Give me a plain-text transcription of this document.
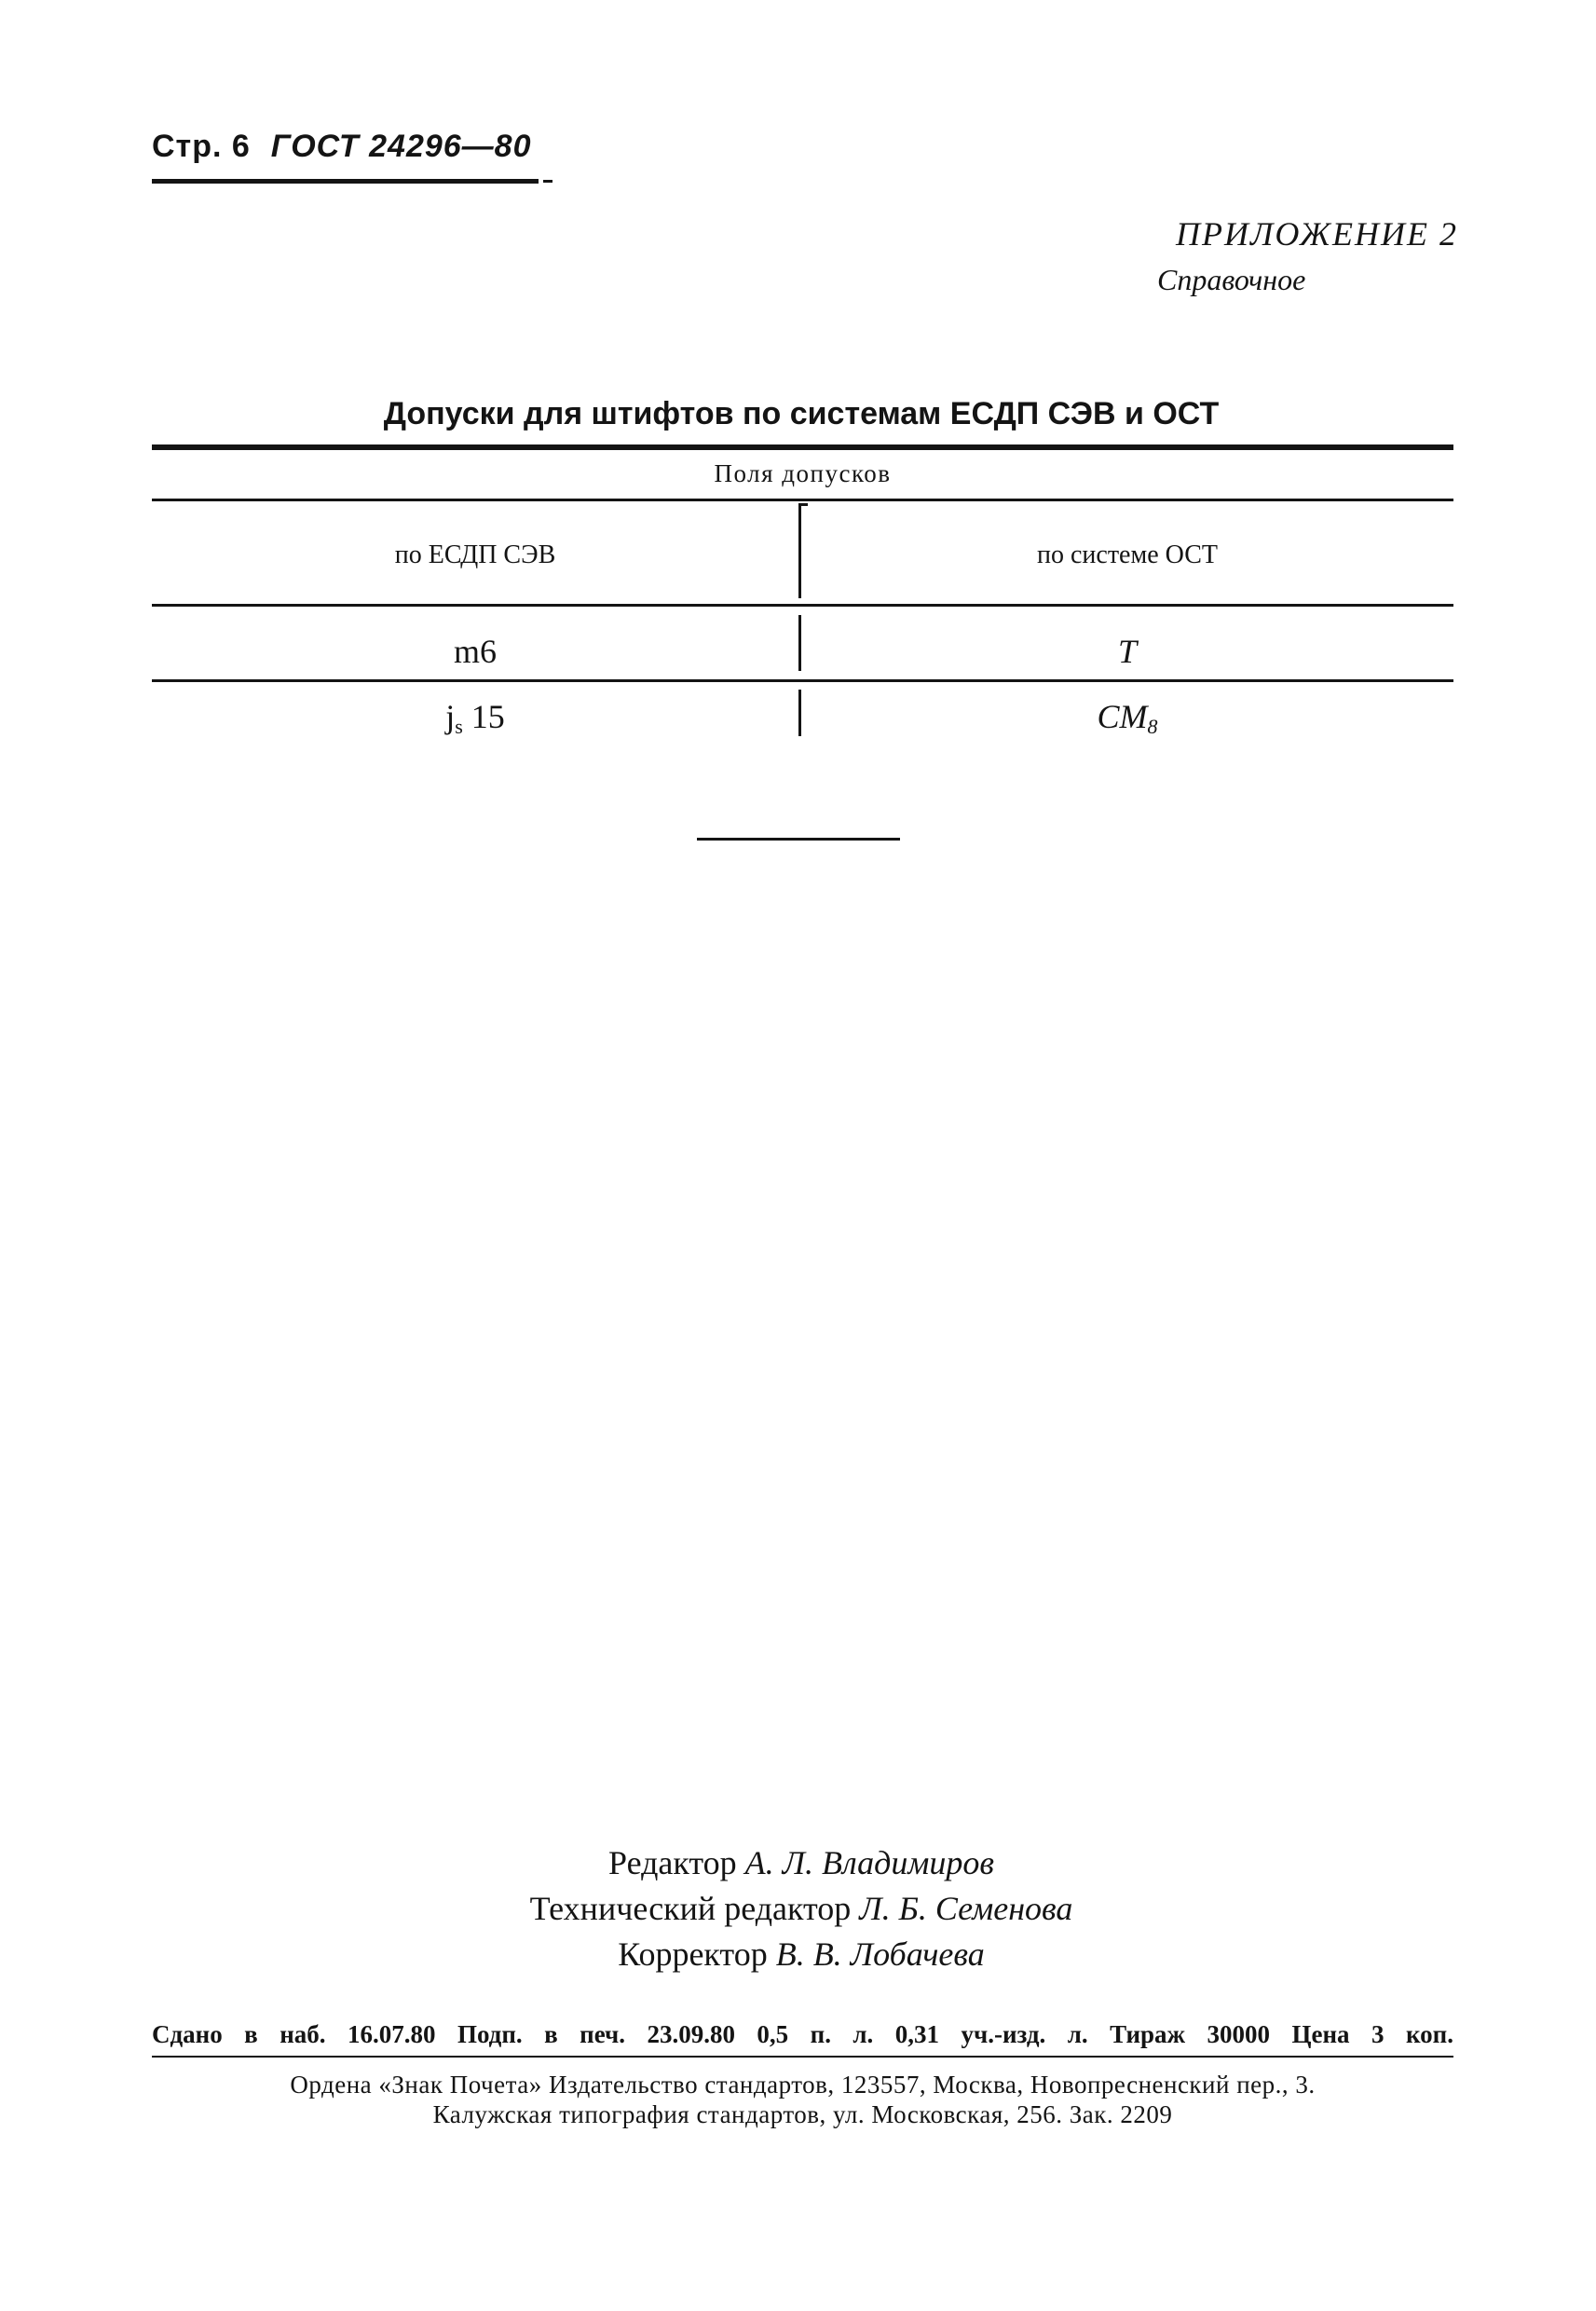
Стр. 6 ГОСТ 24296—80
ПРИЛОЖЕНИЕ 2
Справочное
Допуски для штифтов по системам ЕСДП СЭВ и ОСТ
Поля допусков
по ЕСДП СЭВ	по системе ОСТ
m6	T
$j_s$ 15	$CM_8$
Редактор А. Л. Владимиров
Технический редактор Л. Б. Семенова
Корректор В. В. Лобачева
Сдано в наб. 16.07.80 Подп. в печ. 23.09.80 0,5 п. л. 0,31 уч.-изд. л. Тираж 30000 Цена 3 коп.
Ордена «Знак Почета» Издательство стандартов, 123557, Москва, Новопресненский пер., 3.
Калужская типография стандартов, ул. Московская, 256. Зак. 2209
